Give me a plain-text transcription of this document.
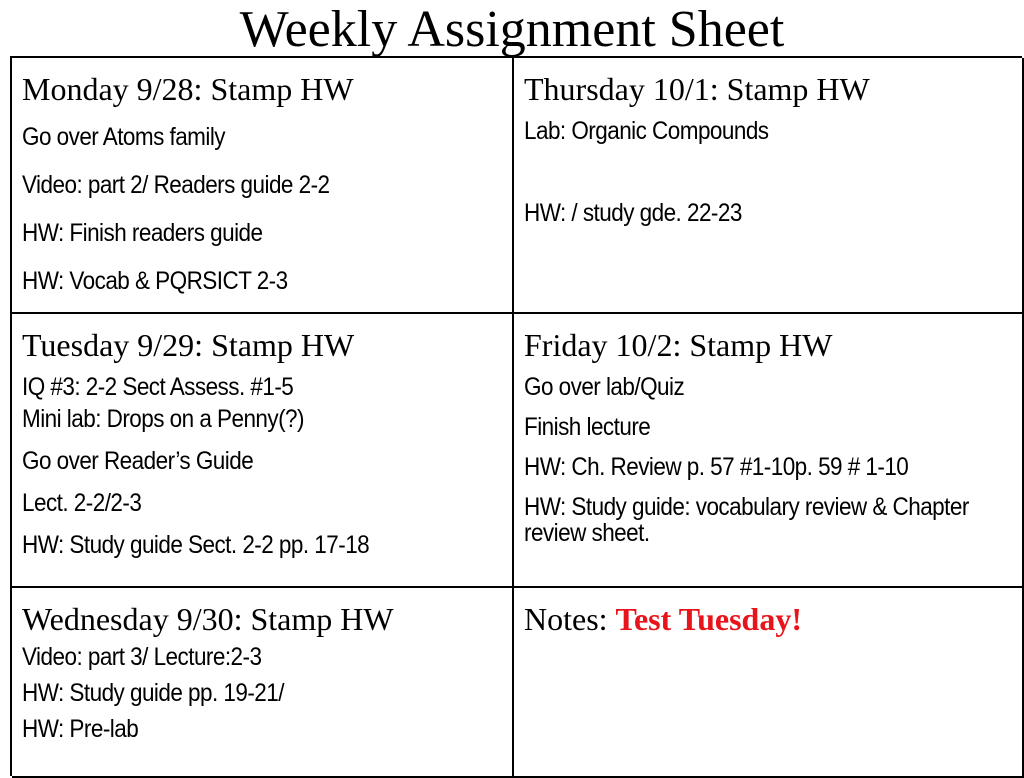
Weekly Assignment Sheet
Monday 9/28: Stamp HW
Go over Atoms family
Video: part 2/ Readers guide 2-2
HW: Finish readers guide
HW: Vocab & PQRSICT 2-3
Thursday 10/1: Stamp HW
Lab: Organic Compounds
HW: / study gde. 22-23
Tuesday 9/29: Stamp HW
IQ #3: 2-2 Sect Assess. #1-5
Mini lab: Drops on a Penny(?)
Go over Reader’s Guide
Lect. 2-2/2-3
HW: Study guide Sect. 2-2 pp. 17-18
Friday 10/2: Stamp HW
Go over lab/Quiz
Finish lecture
HW: Ch. Review p. 57 #1-10p. 59 # 1-10
HW: Study guide: vocabulary review & Chapter review sheet.
Wednesday 9/30: Stamp HW
Video: part 3/ Lecture:2-3
HW: Study guide pp. 19-21/
HW: Pre-lab
Notes: Test Tuesday!
